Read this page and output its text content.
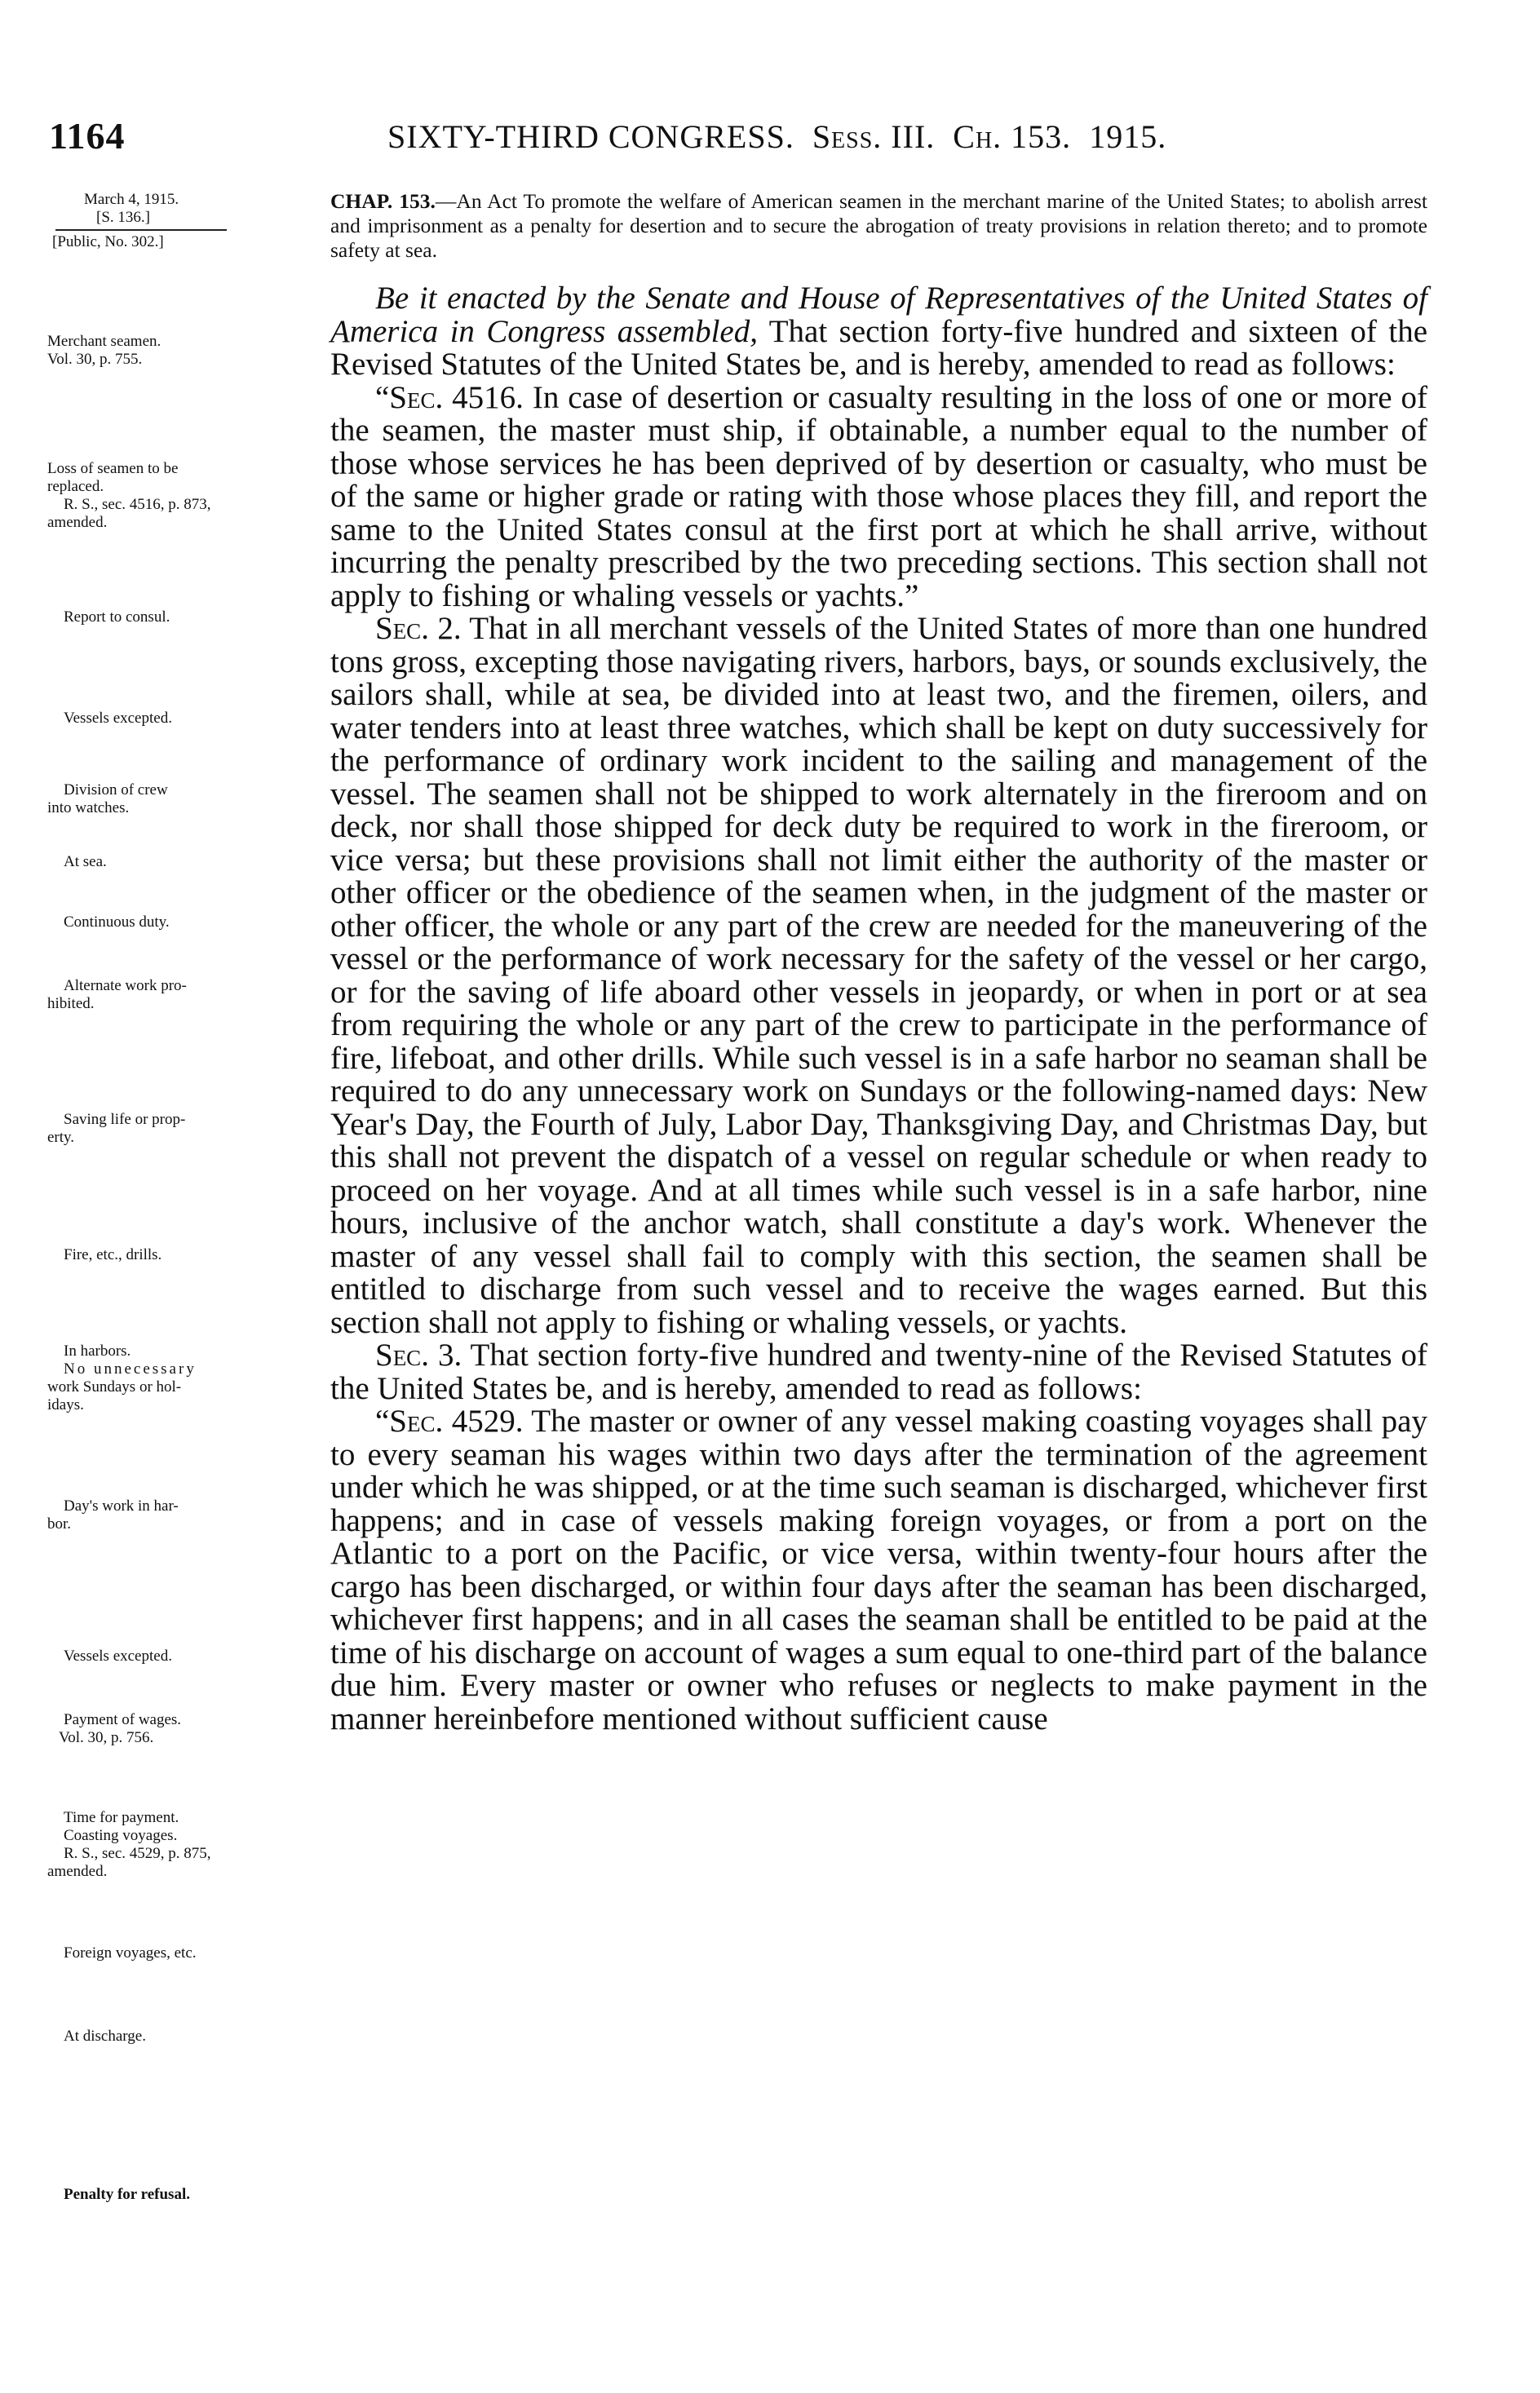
1164	SIXTY-THIRD CONGRESS. Sess. III. Ch. 153. 1915.
March 4, 1915.
[S. 136.]
[Public, No. 302.]
Merchant seamen.
Vol. 30, p. 755.
Loss of seamen to be
replaced.
R. S., sec. 4516, p. 873,
amended.
Report to consul.
Vessels excepted.
Division of crew
into watches.
At sea.
Continuous duty.
Alternate work pro-
hibited.
Saving life or prop-
erty.
Fire, etc., drills.
In harbors.
No unnecessary
work Sundays or hol-
idays.
Day's work in har-
bor.
Vessels excepted.
Payment of wages.
Vol. 30, p. 756.
Time for payment.
Coasting voyages.
R. S., sec. 4529, p. 875,
amended.
Foreign voyages, etc.
At discharge.
Penalty for refusal.
CHAP. 153.—An Act To promote the welfare of American seamen in the merchant marine of the United States; to abolish arrest and imprisonment as a penalty for desertion and to secure the abrogation of treaty provisions in relation thereto; and to promote safety at sea.

Be it enacted by the Senate and House of Representatives of the United States of America in Congress assembled, That section forty-five hundred and sixteen of the Revised Statutes of the United States be, and is hereby, amended to read as follows:

“Sec. 4516. In case of desertion or casualty resulting in the loss of one or more of the seamen, the master must ship, if obtainable, a number equal to the number of those whose services he has been deprived of by desertion or casualty, who must be of the same or higher grade or rating with those whose places they fill, and report the same to the United States consul at the first port at which he shall arrive, without incurring the penalty prescribed by the two preceding sections. This section shall not apply to fishing or whaling vessels or yachts.”

Sec. 2. That in all merchant vessels of the United States of more than one hundred tons gross, excepting those navigating rivers, harbors, bays, or sounds exclusively, the sailors shall, while at sea, be divided into at least two, and the firemen, oilers, and water tenders into at least three watches, which shall be kept on duty successively for the performance of ordinary work incident to the sailing and management of the vessel. The seamen shall not be shipped to work alternately in the fireroom and on deck, nor shall those shipped for deck duty be required to work in the fireroom, or vice versa; but these provisions shall not limit either the authority of the master or other officer or the obedience of the seamen when, in the judgment of the master or other officer, the whole or any part of the crew are needed for the maneuvering of the vessel or the performance of work necessary for the safety of the vessel or her cargo, or for the saving of life aboard other vessels in jeopardy, or when in port or at sea from requiring the whole or any part of the crew to participate in the performance of fire, lifeboat, and other drills. While such vessel is in a safe harbor no seaman shall be required to do any unnecessary work on Sundays or the following-named days: New Year's Day, the Fourth of July, Labor Day, Thanksgiving Day, and Christmas Day, but this shall not prevent the dispatch of a vessel on regular schedule or when ready to proceed on her voyage. And at all times while such vessel is in a safe harbor, nine hours, inclusive of the anchor watch, shall constitute a day's work. Whenever the master of any vessel shall fail to comply with this section, the seamen shall be entitled to discharge from such vessel and to receive the wages earned. But this section shall not apply to fishing or whaling vessels, or yachts.

Sec. 3. That section forty-five hundred and twenty-nine of the Revised Statutes of the United States be, and is hereby, amended to read as follows:

“Sec. 4529. The master or owner of any vessel making coasting voyages shall pay to every seaman his wages within two days after the termination of the agreement under which he was shipped, or at the time such seaman is discharged, whichever first happens; and in case of vessels making foreign voyages, or from a port on the Atlantic to a port on the Pacific, or vice versa, within twenty-four hours after the cargo has been discharged, or within four days after the seaman has been discharged, whichever first happens; and in all cases the seaman shall be entitled to be paid at the time of his discharge on account of wages a sum equal to one-third part of the balance due him. Every master or owner who refuses or neglects to make payment in the manner hereinbefore mentioned without sufficient cause
